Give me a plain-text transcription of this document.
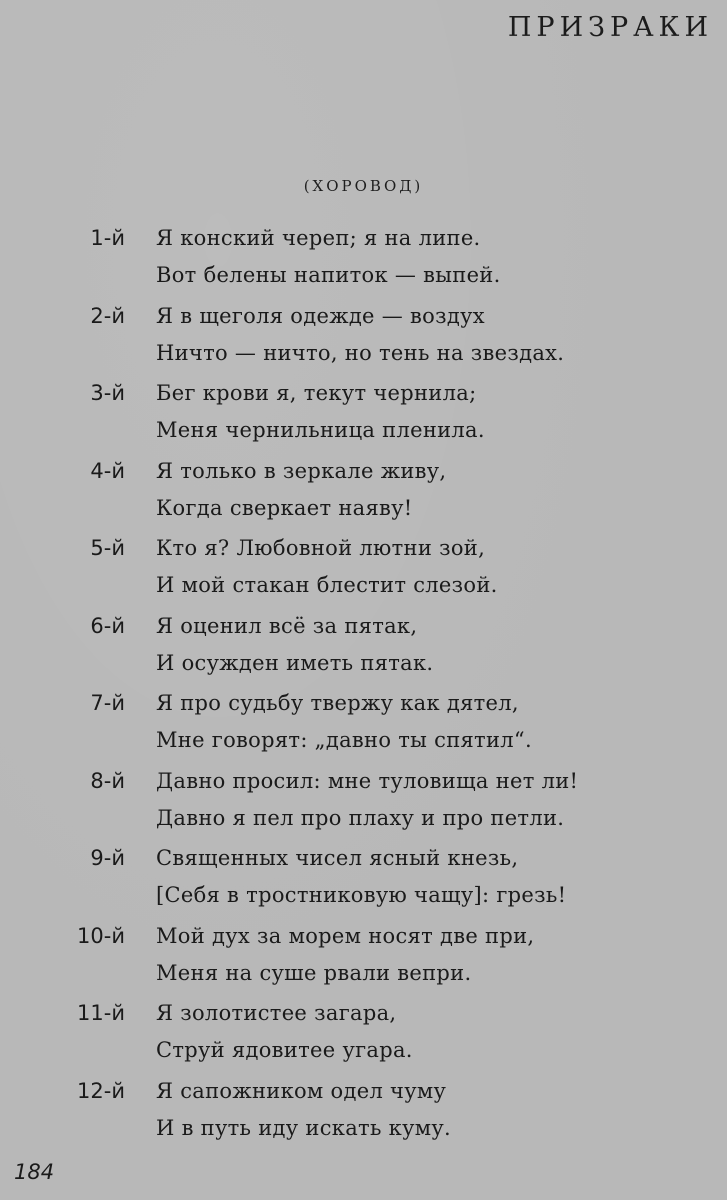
ПРИЗРАКИ
(ХОРОВОД)
1-й Я конский череп; я на липе.
Вот белены напиток — выпей.
2-й Я в щеголя одежде — воздух
Ничто — ничто, но тень на звездах.
3-й Бег крови я, текут чернила;
Меня чернильница пленила.
4-й Я только в зеркале живу,
Когда сверкает наяву!
5-й Кто я? Любовной лютни зой,
И мой стакан блестит слезой.
6-й Я оценил всё за пятак,
И осужден иметь пятак.
7-й Я про судьбу твержу как дятел,
Мне говорят: „давно ты спятил“.
8-й Давно просил: мне туловища нет ли!
Давно я пел про плаху и про петли.
9-й Священных чисел ясный кнезь,
[Себя в тростниковую чащу]: грезь!
10-й Мой дух за морем носят две при,
Меня на суше рвали вепри.
11-й Я золотистее загара,
Струй ядовитее угара.
12-й Я сапожником одел чуму
И в путь иду искать куму.
184
